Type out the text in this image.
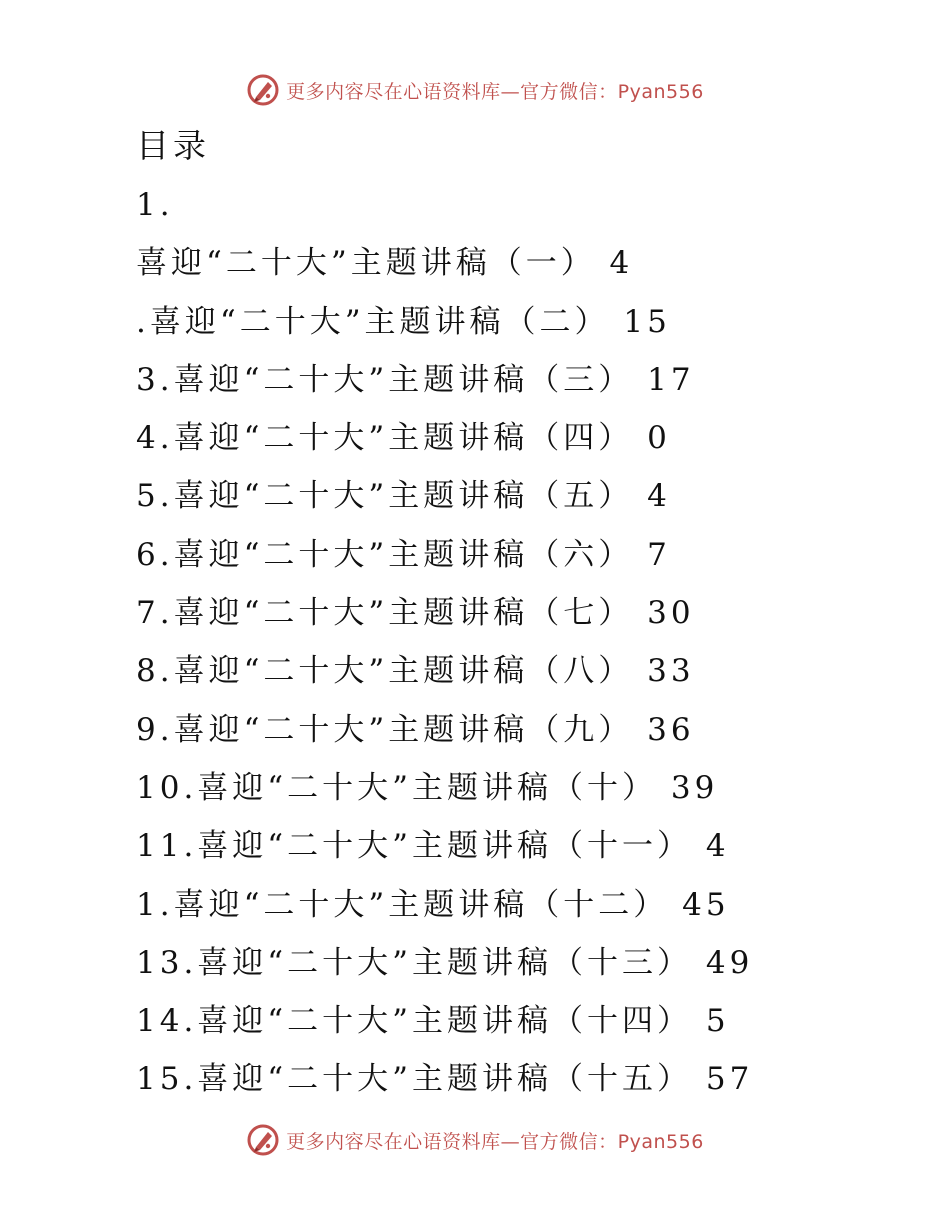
更多内容尽在心语资料库—官方微信：Pyan556
目录
1.
喜迎“二十大”主题讲稿（一） 4
.喜迎“二十大”主题讲稿（二） 15
3.喜迎“二十大”主题讲稿（三） 17
4.喜迎“二十大”主题讲稿（四） 0
5.喜迎“二十大”主题讲稿（五） 4
6.喜迎“二十大”主题讲稿（六） 7
7.喜迎“二十大”主题讲稿（七） 30
8.喜迎“二十大”主题讲稿（八） 33
9.喜迎“二十大”主题讲稿（九） 36
10.喜迎“二十大”主题讲稿（十） 39
11.喜迎“二十大”主题讲稿（十一） 4
1.喜迎“二十大”主题讲稿（十二） 45
13.喜迎“二十大”主题讲稿（十三） 49
14.喜迎“二十大”主题讲稿（十四） 5
15.喜迎“二十大”主题讲稿（十五） 57
更多内容尽在心语资料库—官方微信：Pyan556
